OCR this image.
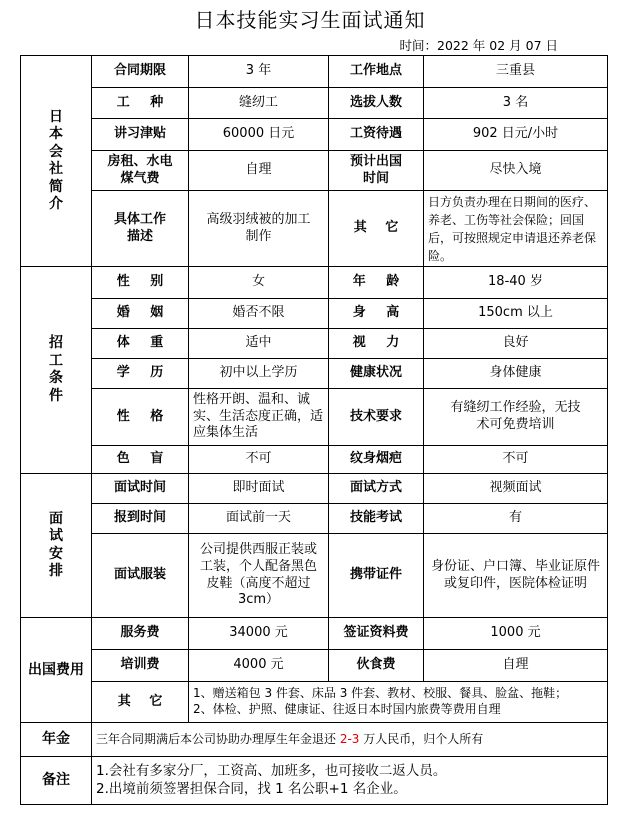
日本技能实习生面试通知
时间：2022 年 02 月 07 日
日本会社简介	合同期限	3 年	工作地点	三重县
	工 种	缝纫工	选拔人数	3 名
	讲习津贴	60000 日元	工资待遇	902 日元/小时
	房租、水电煤气费	自理	预计出国时间	尽快入境
	具体工作描述	高级羽绒被的加工制作	其 它	日方负责办理在日期间的医疗、养老、工伤等社会保险；回国后，可按照规定申请退还养老保险。

招工条件	性 别	女	年 龄	18-40 岁
	婚 姻	婚否不限	身 高	150cm 以上
	体 重	适中	视 力	良好
	学 历	初中以上学历	健康状况	身体健康
	性 格	性格开朗、温和、诚实、生活态度正确，适应集体生活	技术要求	有缝纫工作经验，无技术可免费培训
	色 盲	不可	纹身烟疤	不可

面试安排	面试时间	即时面试	面试方式	视频面试
	报到时间	面试前一天	技能考试	有
	面试服装	公司提供西服正装或工装，个人配备黑色皮鞋（高度不超过 3cm）	携带证件	身份证、户口簿、毕业证原件或复印件，医院体检证明
出国费用	服务费	34000 元	签证资料费	1000 元
	培训费	4000 元	伙食费	自理
	其 它	1、赠送箱包 3 件套、床品 3 件套、教材、校服、餐具、脸盆、拖鞋；
2、体检、护照、健康证、往返日本时国内旅费等费用自理		

年金	三年合同期满后本公司协助办理厚生年金退还 2-3 万人民币，归个人所有			
备注	1.会社有多家分厂，工资高、加班多，也可接收二返人员。
2.出境前须签署担保合同，找 1 名公职+1 名企业。			
